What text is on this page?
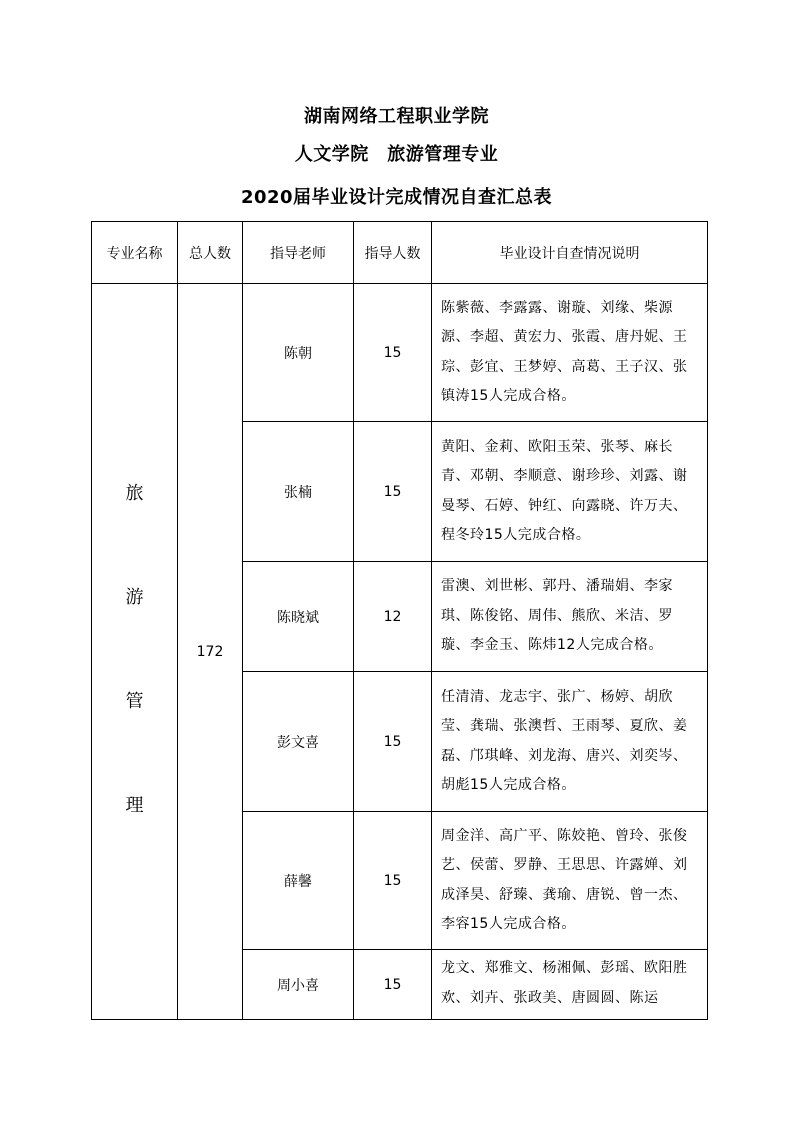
湖南网络工程职业学院

人文学院　旅游管理专业

2020届毕业设计完成情况自查汇总表

专业名称	总人数	指导老师	指导人数	毕业设计自查情况说明

旅
游
管
理	172	陈朝	15	陈紫薇、李露露、谢璇、刘缘、柴源源、李超、黄宏力、张霞、唐丹妮、王琮、彭宜、王梦婷、高葛、王子汉、张镇涛15人完成合格。
		张楠	15	黄阳、金莉、欧阳玉荣、张琴、麻长青、邓朝、李顺意、谢珍珍、刘露、谢曼琴、石婷、钟红、向露晓、许万夫、程冬玲15人完成合格。
		陈晓斌	12	雷澳、刘世彬、郭丹、潘瑞娟、李家琪、陈俊铭、周伟、熊欣、米洁、罗璇、李金玉、陈炜12人完成合格。
		彭文喜	15	任清清、龙志宇、张广、杨婷、胡欣莹、龚瑞、张澳哲、王雨琴、夏欣、姜磊、邝琪峰、刘龙海、唐兴、刘奕岑、胡彪15人完成合格。
		薛馨	15	周金洋、高广平、陈姣艳、曾玲、张俊艺、侯蕾、罗静、王思思、许露婵、刘成泽昊、舒臻、龚瑜、唐锐、曾一杰、李容15人完成合格。
		周小喜	15	龙文、郑雅文、杨湘佩、彭瑶、欧阳胜欢、刘卉、张政美、唐圆圆、陈运
